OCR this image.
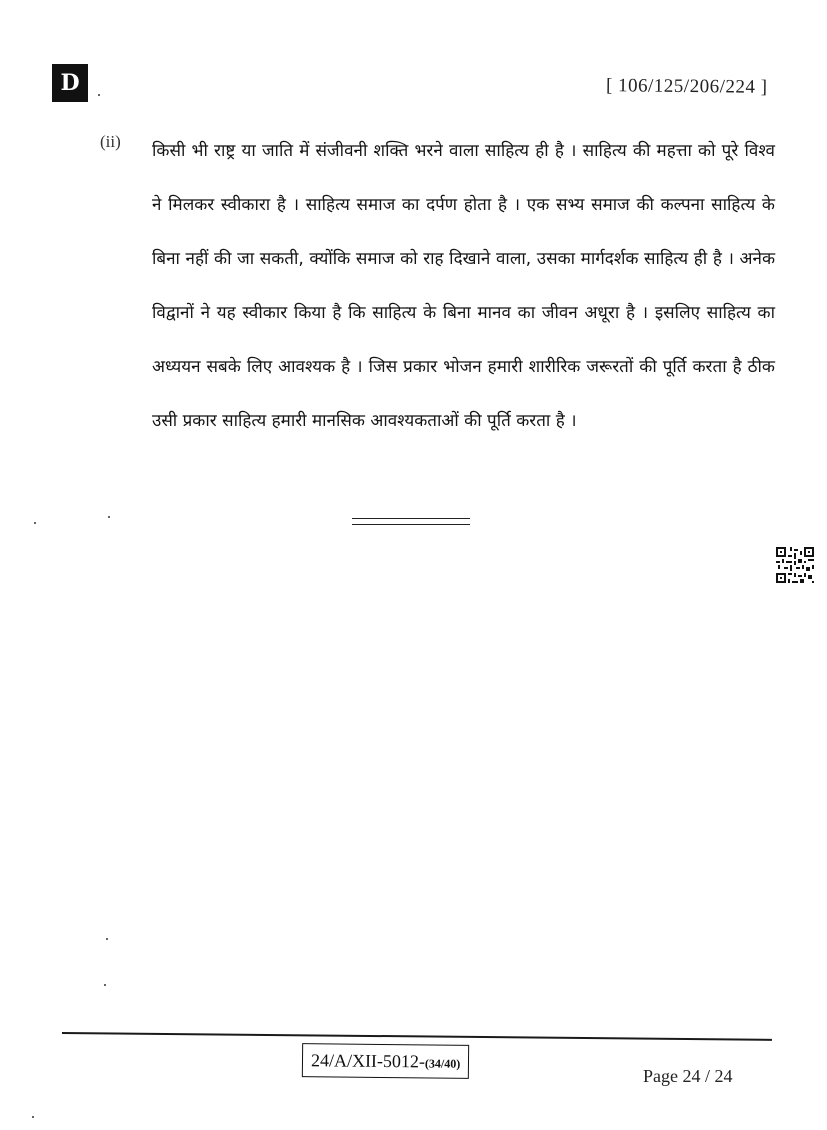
D	[ 106/125/206/224 ]
(ii) किसी भी राष्ट्र या जाति में संजीवनी शक्ति भरने वाला साहित्य ही है । साहित्य की महत्ता को पूरे विश्व ने मिलकर स्वीकारा है । साहित्य समाज का दर्पण होता है । एक सभ्य समाज की कल्पना साहित्य के बिना नहीं की जा सकती, क्योंकि समाज को राह दिखाने वाला, उसका मार्गदर्शक साहित्य ही है । अनेक विद्वानों ने यह स्वीकार किया है कि साहित्य के बिना मानव का जीवन अधूरा है । इसलिए साहित्य का अध्ययन सबके लिए आवश्यक है । जिस प्रकार भोजन हमारी शारीरिक जरूरतों की पूर्ति करता है ठीक उसी प्रकार साहित्य हमारी मानसिक आवश्यकताओं की पूर्ति करता है ।

24/A/XII-5012-(34/40)
Page 24 / 24
